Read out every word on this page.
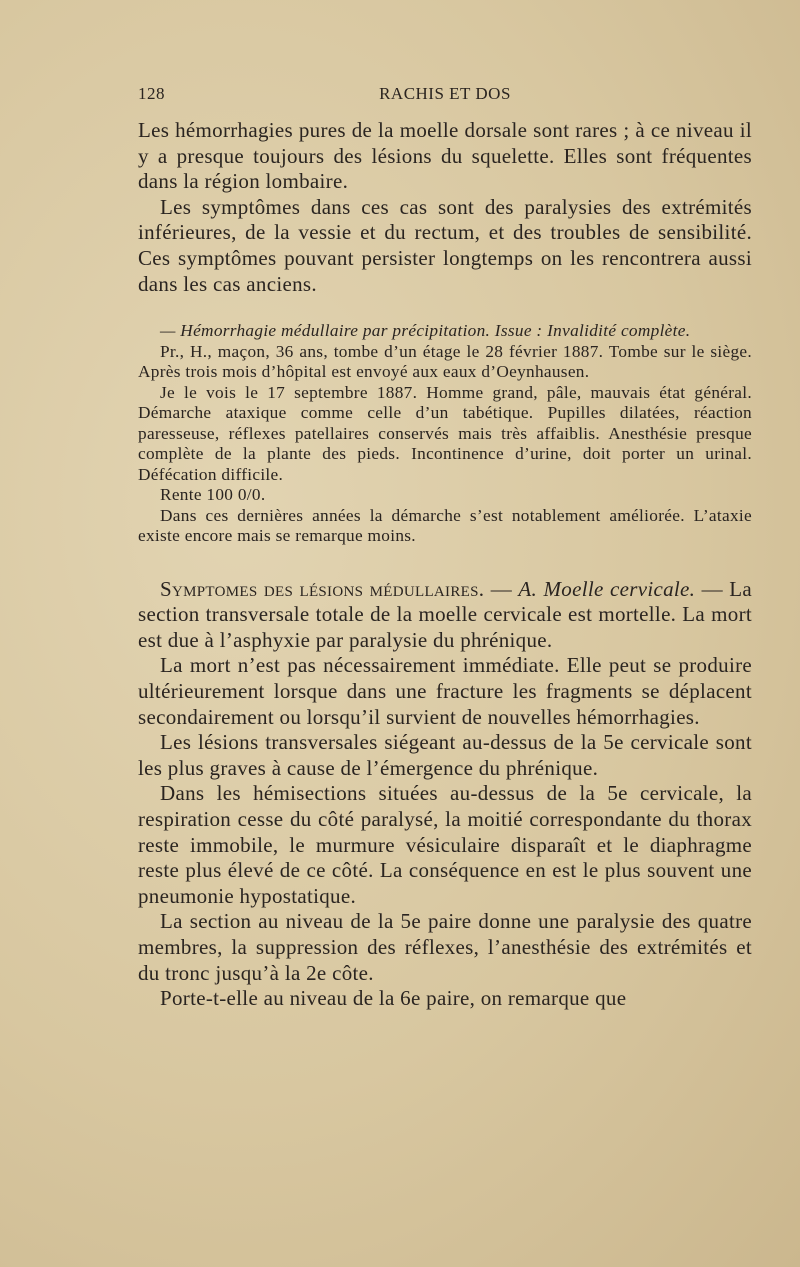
128	RACHIS ET DOS

Les hémorrhagies pures de la moelle dorsale sont rares ; à ce niveau il y a presque toujours des lésions du squelette. Elles sont fréquentes dans la région lombaire.

Les symptômes dans ces cas sont des paralysies des extrémités inférieures, de la vessie et du rectum, et des troubles de sensibilité. Ces symptômes pouvant persister longtemps on les rencontrera aussi dans les cas anciens.

— Hémorrhagie médullaire par précipitation. Issue : Invalidité complète.

Pr., H., maçon, 36 ans, tombe d’un étage le 28 février 1887. Tombe sur le siège. Après trois mois d’hôpital est envoyé aux eaux d’Oeynhausen.

Je le vois le 17 septembre 1887. Homme grand, pâle, mauvais état général. Démarche ataxique comme celle d’un tabétique. Pupilles dilatées, réaction paresseuse, réflexes patellaires conservés mais très affaiblis. Anesthésie presque complète de la plante des pieds. Incontinence d’urine, doit porter un urinal. Défécation difficile.

Rente 100 0/0.

Dans ces dernières années la démarche s’est notablement améliorée. L’ataxie existe encore mais se remarque moins.

Symptomes des lésions médullaires. — A. Moelle cervicale. — La section transversale totale de la moelle cervicale est mortelle. La mort est due à l’asphyxie par paralysie du phrénique.

La mort n’est pas nécessairement immédiate. Elle peut se produire ultérieurement lorsque dans une fracture les fragments se déplacent secondairement ou lorsqu’il survient de nouvelles hémorrhagies.

Les lésions transversales siégeant au-dessus de la 5e cervicale sont les plus graves à cause de l’émergence du phrénique.

Dans les hémisections situées au-dessus de la 5e cervicale, la respiration cesse du côté paralysé, la moitié correspondante du thorax reste immobile, le murmure vésiculaire disparaît et le diaphragme reste plus élevé de ce côté. La conséquence en est le plus souvent une pneumonie hypostatique.

La section au niveau de la 5e paire donne une paralysie des quatre membres, la suppression des réflexes, l’anesthésie des extrémités et du tronc jusqu’à la 2e côte.

Porte-t-elle au niveau de la 6e paire, on remarque que
